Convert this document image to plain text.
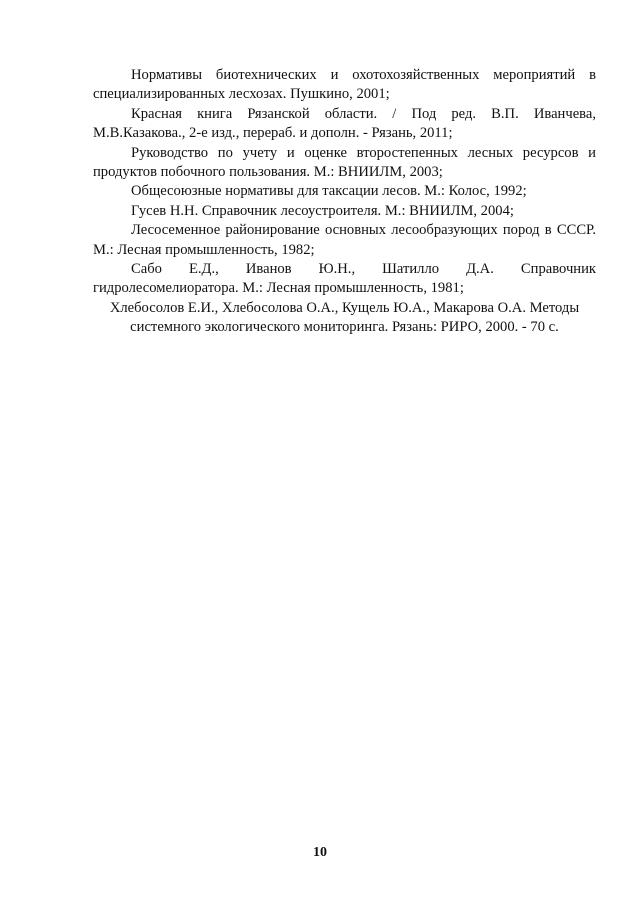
Нормативы биотехнических и охотохозяйственных мероприятий в специализированных лесхозах. Пушкино, 2001;

Красная книга Рязанской области. / Под ред. В.П. Иванчева, М.В.Казакова., 2-е изд., перераб. и дополн. - Рязань, 2011;

Руководство по учету и оценке второстепенных лесных ресурсов и продуктов побочного пользования. М.: ВНИИЛМ, 2003;

Общесоюзные нормативы для таксации лесов. М.: Колос, 1992;

Гусев Н.Н. Справочник лесоустроителя. М.: ВНИИЛМ, 2004;

Лесосеменное районирование основных лесообразующих пород в СССР. М.: Лесная промышленность, 1982;

Сабо Е.Д., Иванов Ю.Н., Шатилло Д.А. Справочник гидролесомелиоратора. М.: Лесная промышленность, 1981;

Хлебосолов Е.И., Хлебосолова О.А., Кущель Ю.А., Макарова О.А. Методы системного экологического мониторинга. Рязань: РИРО, 2000. - 70 с.

10
